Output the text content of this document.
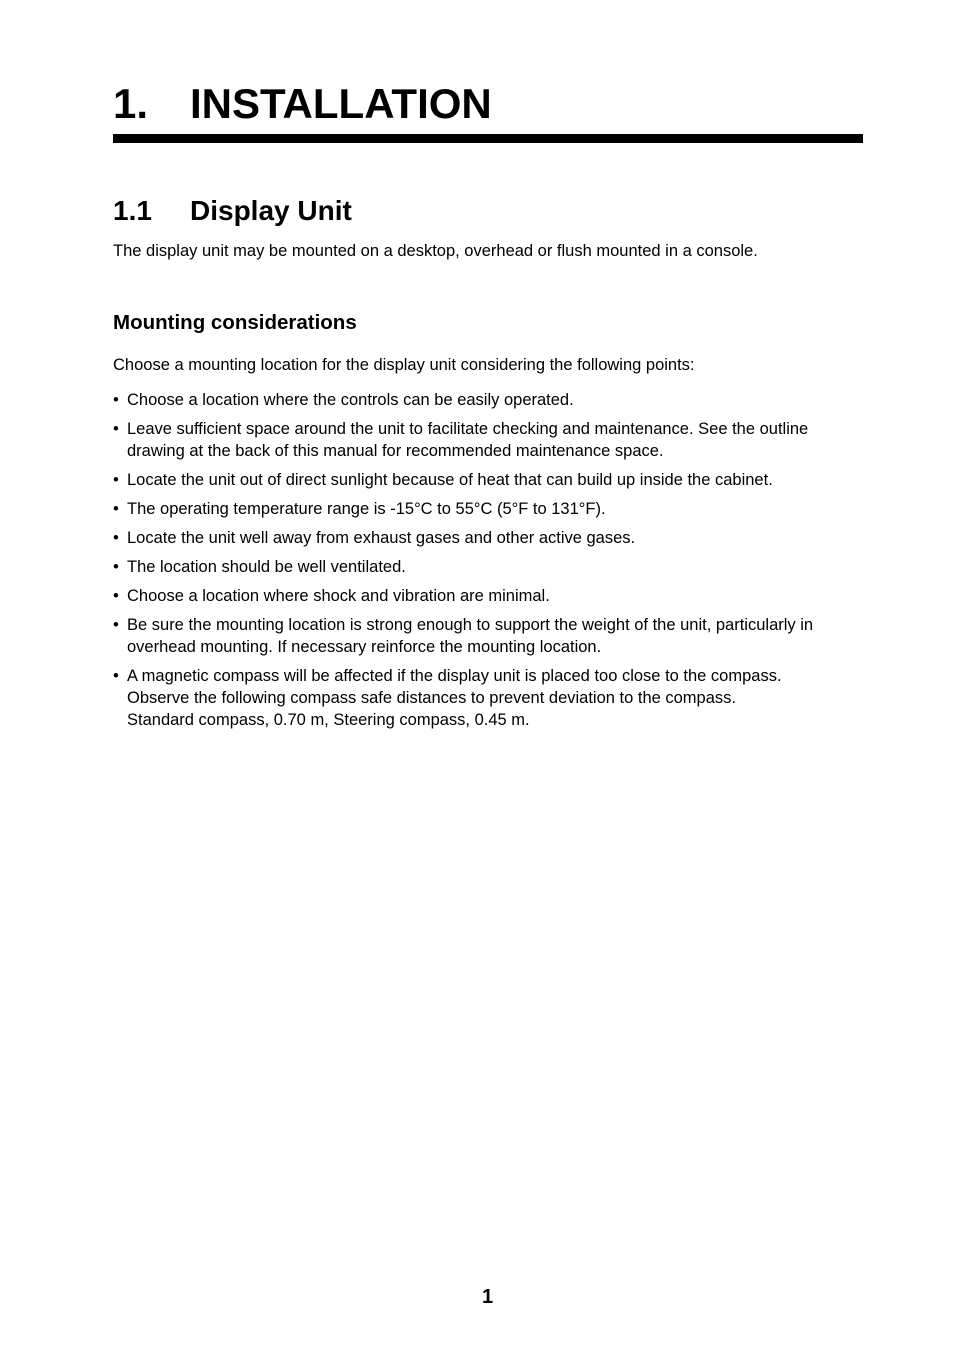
1. INSTALLATION
1.1 Display Unit

The display unit may be mounted on a desktop, overhead or flush mounted in a console.

Mounting considerations

Choose a mounting location for the display unit considering the following points:

• Choose a location where the controls can be easily operated.
• Leave sufficient space around the unit to facilitate checking and maintenance. See the outline
drawing at the back of this manual for recommended maintenance space.
• Locate the unit out of direct sunlight because of heat that can build up inside the cabinet.
• The operating temperature range is -15°C to 55°C (5°F to 131°F).
• Locate the unit well away from exhaust gases and other active gases.
• The location should be well ventilated.
• Choose a location where shock and vibration are minimal.
• Be sure the mounting location is strong enough to support the weight of the unit, particularly in
overhead mounting. If necessary reinforce the mounting location.
• A magnetic compass will be affected if the display unit is placed too close to the compass.
Observe the following compass safe distances to prevent deviation to the compass.
Standard compass, 0.70 m, Steering compass, 0.45 m.

1
